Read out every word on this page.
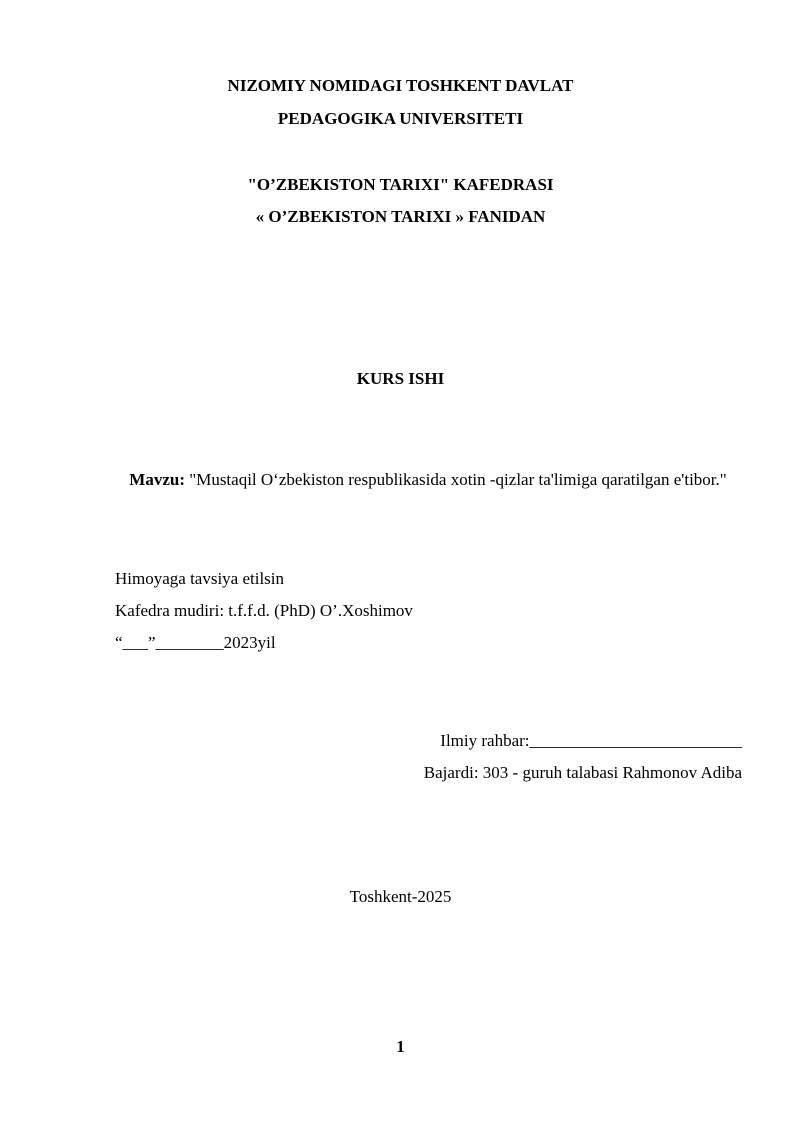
NIZOMIY NOMIDAGI TOSHKENT DAVLAT
PEDAGOGIKA UNIVERSITETI
"O’ZBEKISTON TARIXI" KAFEDRASI
« O’ZBEKISTON TARIXI » FANIDAN
KURS ISHI
Mavzu: "Mustaqil O‘zbekiston respublikasida xotin -qizlar ta'limiga qaratilgan e'tibor."
Himoyaga tavsiya etilsin
Kafedra mudiri: t.f.f.d. (PhD) O’.Xoshimov
“___”________2023yil
Ilmiy rahbar:_________________________
Bajardi: 303 - guruh talabasi Rahmonov Adiba
Toshkent-2025
1
